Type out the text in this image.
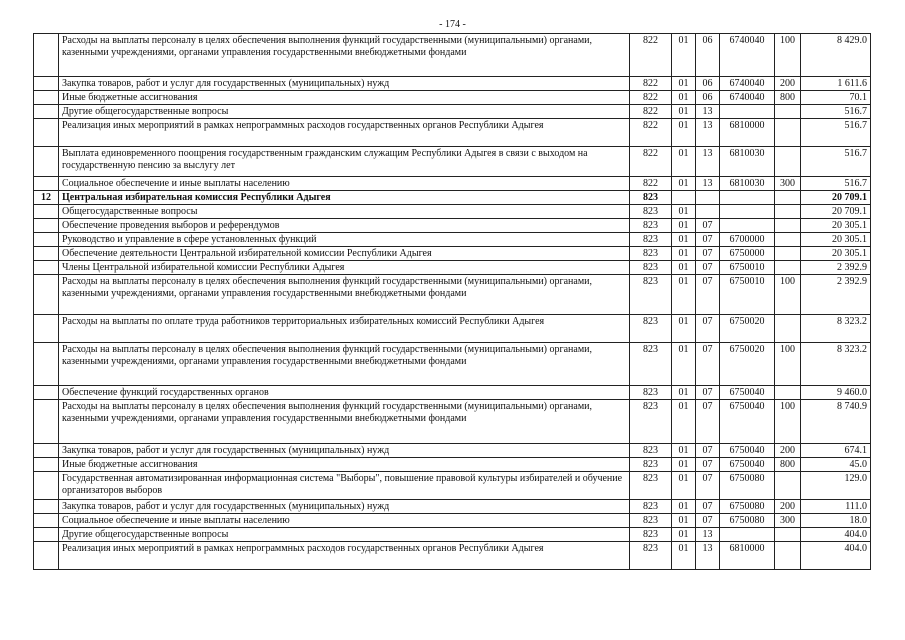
- 174 -
	Расходы на выплаты персоналу в целях обеспечения выполнения функций государственными (муниципальными) органами, казенными учреждениями, органами управления государственными внебюджетными фондами	822	01	06	6740040	100	8 429.0
	Закупка товаров, работ и услуг для государственных (муниципальных) нужд	822	01	06	6740040	200	1 611.6
	Иные бюджетные ассигнования	822	01	06	6740040	800	70.1
	Другие общегосударственные вопросы	822	01	13			516.7
	Реализация иных мероприятий в рамках непрограммных расходов государственных органов Республики Адыгея	822	01	13	6810000		516.7
	Выплата единовременного поощрения государственным гражданским служащим Республики Адыгея в связи с выходом на государственную пенсию за выслугу лет	822	01	13	6810030		516.7
	Социальное обеспечение и иные выплаты населению	822	01	13	6810030	300	516.7
12	Центральная избирательная комиссия Республики Адыгея	823					20 709.1
	Общегосударственные вопросы	823	01				20 709.1
	Обеспечение проведения выборов и референдумов	823	01	07			20 305.1
	Руководство и управление в сфере установленных функций	823	01	07	6700000		20 305.1
	Обеспечение деятельности Центральной избирательной комиссии Республики Адыгея	823	01	07	6750000		20 305.1
	Члены Центральной избирательной комиссии Республики Адыгея	823	01	07	6750010		2 392.9
	Расходы на выплаты персоналу в целях обеспечения выполнения функций государственными (муниципальными) органами, казенными учреждениями, органами управления государственными внебюджетными фондами	823	01	07	6750010	100	2 392.9
	Расходы на выплаты по оплате труда работников территориальных избирательных комиссий Республики Адыгея	823	01	07	6750020		8 323.2
	Расходы на выплаты персоналу в целях обеспечения выполнения функций государственными (муниципальными) органами, казенными учреждениями, органами управления государственными внебюджетными фондами	823	01	07	6750020	100	8 323.2
	Обеспечение функций государственных органов	823	01	07	6750040		9 460.0
	Расходы на выплаты персоналу в целях обеспечения выполнения функций государственными (муниципальными) органами, казенными учреждениями, органами управления государственными внебюджетными фондами	823	01	07	6750040	100	8 740.9
	Закупка товаров, работ и услуг для государственных (муниципальных) нужд	823	01	07	6750040	200	674.1
	Иные бюджетные ассигнования	823	01	07	6750040	800	45.0
	Государственная автоматизированная информационная система "Выборы", повышение правовой культуры избирателей и обучение организаторов выборов	823	01	07	6750080		129.0
	Закупка товаров, работ и услуг для государственных (муниципальных) нужд	823	01	07	6750080	200	111.0
	Социальное обеспечение и иные выплаты населению	823	01	07	6750080	300	18.0
	Другие общегосударственные вопросы	823	01	13			404.0
	Реализация иных мероприятий в рамках непрограммных расходов государственных органов Республики Адыгея	823	01	13	6810000		404.0
